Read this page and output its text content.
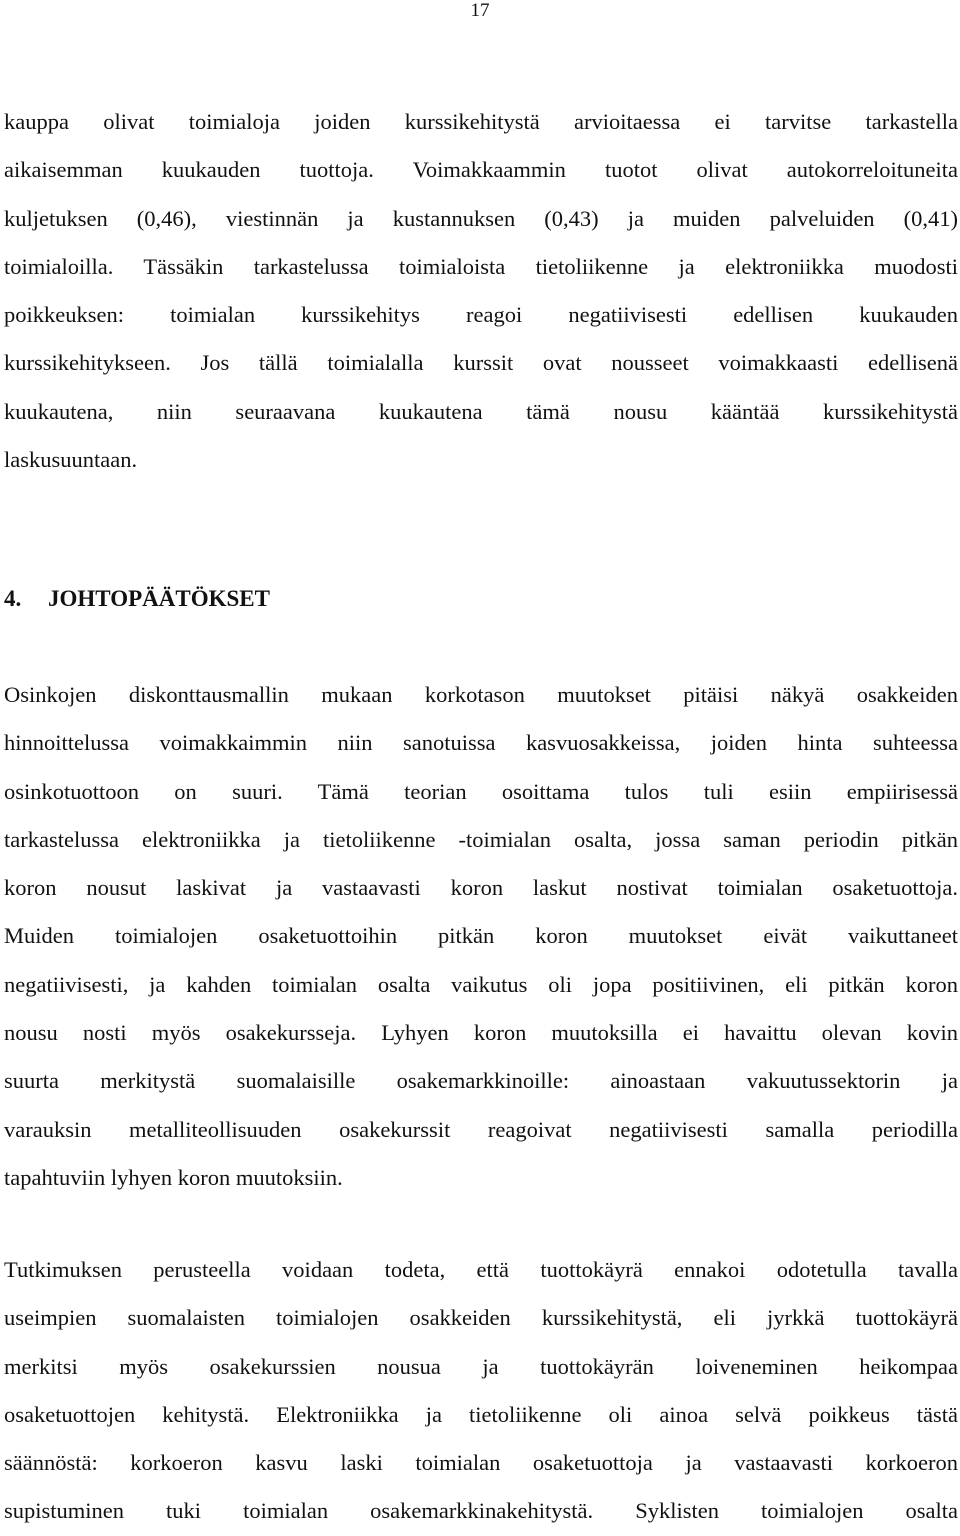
17

kauppa olivat toimialoja joiden kurssikehitystä arvioitaessa ei tarvitse tarkastella
aikaisemman kuukauden tuottoja. Voimakkaammin tuotot olivat autokorreloituneita
kuljetuksen (0,46), viestinnän ja kustannuksen (0,43) ja muiden palveluiden (0,41)
toimialoilla. Tässäkin tarkastelussa toimialoista tietoliikenne ja elektroniikka muodosti
poikkeuksen: toimialan kurssikehitys reagoi negatiivisesti edellisen kuukauden
kurssikehitykseen. Jos tällä toimialalla kurssit ovat nousseet voimakkaasti edellisenä
kuukautena, niin seuraavana kuukautena tämä nousu kääntää kurssikehitystä
laskusuuntaan.

4. JOHTOPÄÄTÖKSET

Osinkojen diskonttausmallin mukaan korkotason muutokset pitäisi näkyä osakkeiden
hinnoittelussa voimakkaimmin niin sanotuissa kasvuosakkeissa, joiden hinta suhteessa
osinkotuottoon on suuri. Tämä teorian osoittama tulos tuli esiin empiirisessä
tarkastelussa elektroniikka ja tietoliikenne -toimialan osalta, jossa saman periodin pitkän
koron nousut laskivat ja vastaavasti koron laskut nostivat toimialan osaketuottoja.
Muiden toimialojen osaketuottoihin pitkän koron muutokset eivät vaikuttaneet
negatiivisesti, ja kahden toimialan osalta vaikutus oli jopa positiivinen, eli pitkän koron
nousu nosti myös osakekursseja. Lyhyen koron muutoksilla ei havaittu olevan kovin
suurta merkitystä suomalaisille osakemarkkinoille: ainoastaan vakuutussektorin ja
varauksin metalliteollisuuden osakekurssit reagoivat negatiivisesti samalla periodilla
tapahtuviin lyhyen koron muutoksiin.

Tutkimuksen perusteella voidaan todeta, että tuottokäyrä ennakoi odotetulla tavalla
useimpien suomalaisten toimialojen osakkeiden kurssikehitystä, eli jyrkkä tuottokäyrä
merkitsi myös osakekurssien nousua ja tuottokäyrän loiveneminen heikompaa
osaketuottojen kehitystä. Elektroniikka ja tietoliikenne oli ainoa selvä poikkeus tästä
säännöstä: korkoeron kasvu laski toimialan osaketuottoja ja vastaavasti korkoeron
supistuminen tuki toimialan osakemarkkinakehitystä. Syklisten toimialojen osalta
